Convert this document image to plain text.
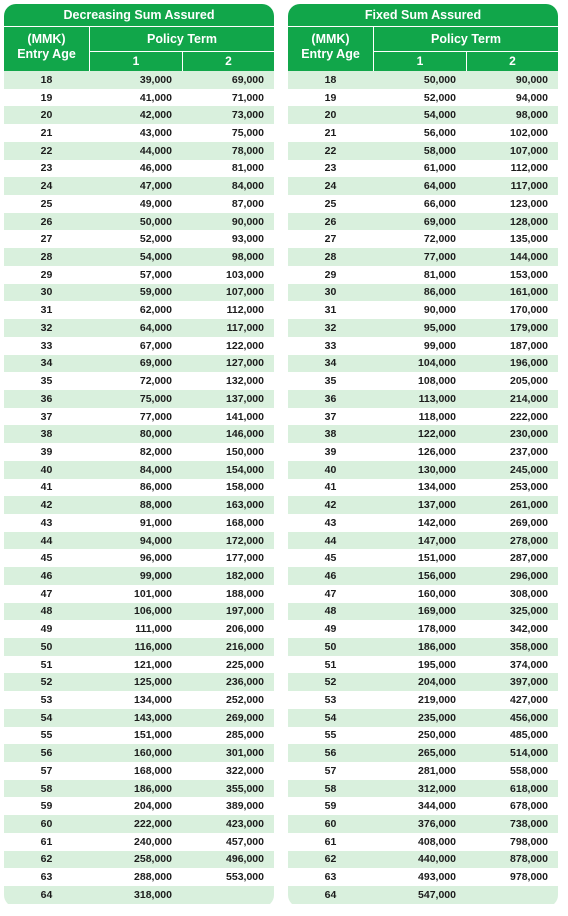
Decreasing Sum Assured
(MMK)
Entry Age
Policy Term
1	2
18	39,000	69,000
19	41,000	71,000
20	42,000	73,000
21	43,000	75,000
22	44,000	78,000
23	46,000	81,000
24	47,000	84,000
25	49,000	87,000
26	50,000	90,000
27	52,000	93,000
28	54,000	98,000
29	57,000	103,000
30	59,000	107,000
31	62,000	112,000
32	64,000	117,000
33	67,000	122,000
34	69,000	127,000
35	72,000	132,000
36	75,000	137,000
37	77,000	141,000
38	80,000	146,000
39	82,000	150,000
40	84,000	154,000
41	86,000	158,000
42	88,000	163,000
43	91,000	168,000
44	94,000	172,000
45	96,000	177,000
46	99,000	182,000
47	101,000	188,000
48	106,000	197,000
49	111,000	206,000
50	116,000	216,000
51	121,000	225,000
52	125,000	236,000
53	134,000	252,000
54	143,000	269,000
55	151,000	285,000
56	160,000	301,000
57	168,000	322,000
58	186,000	355,000
59	204,000	389,000
60	222,000	423,000
61	240,000	457,000
62	258,000	496,000
63	288,000	553,000
64	318,000
Fixed Sum Assured
(MMK)
Entry Age
Policy Term
1	2
18	50,000	90,000
19	52,000	94,000
20	54,000	98,000
21	56,000	102,000
22	58,000	107,000
23	61,000	112,000
24	64,000	117,000
25	66,000	123,000
26	69,000	128,000
27	72,000	135,000
28	77,000	144,000
29	81,000	153,000
30	86,000	161,000
31	90,000	170,000
32	95,000	179,000
33	99,000	187,000
34	104,000	196,000
35	108,000	205,000
36	113,000	214,000
37	118,000	222,000
38	122,000	230,000
39	126,000	237,000
40	130,000	245,000
41	134,000	253,000
42	137,000	261,000
43	142,000	269,000
44	147,000	278,000
45	151,000	287,000
46	156,000	296,000
47	160,000	308,000
48	169,000	325,000
49	178,000	342,000
50	186,000	358,000
51	195,000	374,000
52	204,000	397,000
53	219,000	427,000
54	235,000	456,000
55	250,000	485,000
56	265,000	514,000
57	281,000	558,000
58	312,000	618,000
59	344,000	678,000
60	376,000	738,000
61	408,000	798,000
62	440,000	878,000
63	493,000	978,000
64	547,000
